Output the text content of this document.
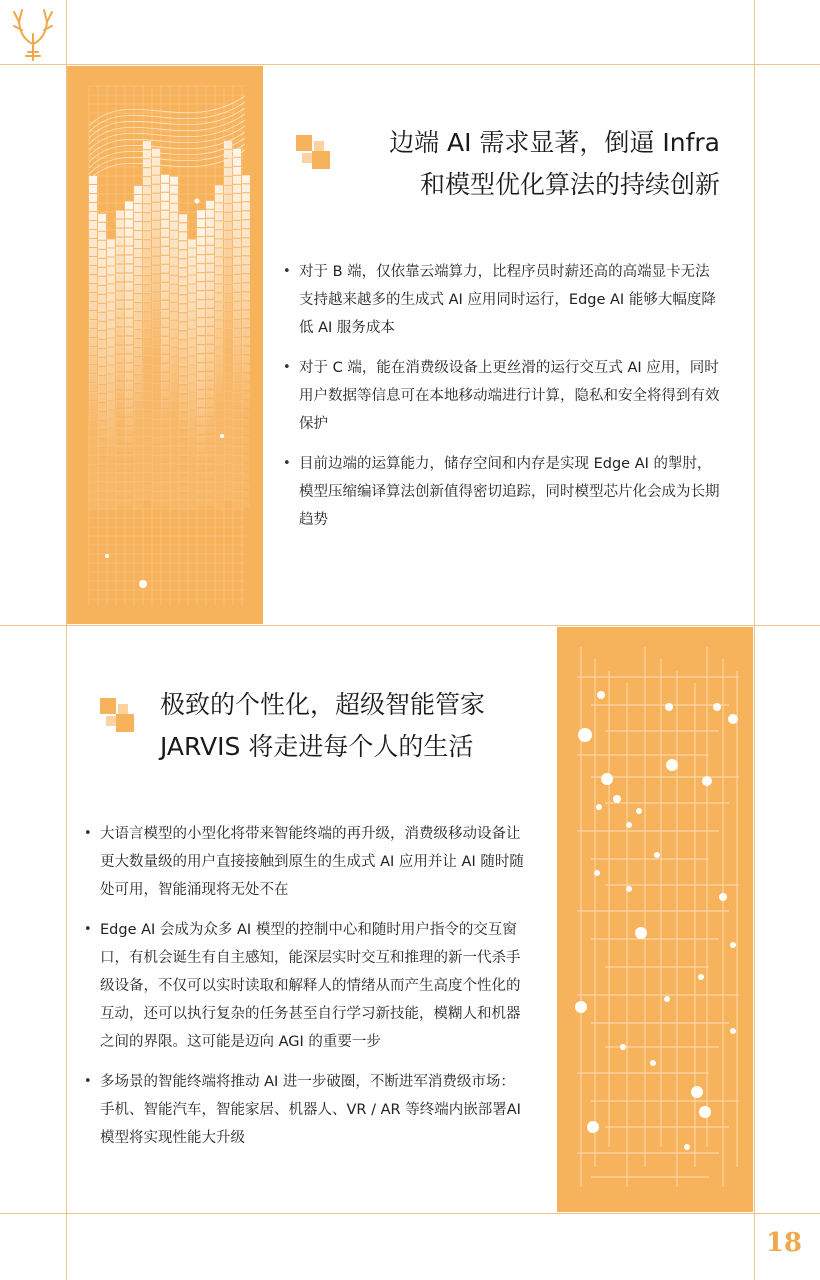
边端 AI 需求显著，倒逼 Infra
和模型优化算法的持续创新
• 对于 B 端，仅依靠云端算力，比程序员时薪还高的高端显卡无法支持越来越多的生成式 AI 应用同时运行，Edge AI 能够大幅度降低 AI 服务成本
• 对于 C 端，能在消费级设备上更丝滑的运行交互式 AI 应用，同时用户数据等信息可在本地移动端进行计算，隐私和安全将得到有效保护
• 目前边端的运算能力，储存空间和内存是实现 Edge AI 的掣肘，模型压缩编译算法创新值得密切追踪，同时模型芯片化会成为长期趋势
极致的个性化，超级智能管家
JARVIS 将走进每个人的生活
• 大语言模型的小型化将带来智能终端的再升级，消费级移动设备让更大数量级的用户直接接触到原生的生成式 AI 应用并让 AI 随时随处可用，智能涌现将无处不在
• Edge AI 会成为众多 AI 模型的控制中心和随时用户指令的交互窗口，有机会诞生有自主感知，能深层实时交互和推理的新一代杀手级设备，不仅可以实时读取和解释人的情绪从而产生高度个性化的互动，还可以执行复杂的任务甚至自行学习新技能，模糊人和机器之间的界限。这可能是迈向 AGI 的重要一步
• 多场景的智能终端将推动 AI 进一步破圈，不断进军消费级市场：手机、智能汽车，智能家居、机器人、VR / AR 等终端内嵌部署AI模型将实现性能大升级
18
